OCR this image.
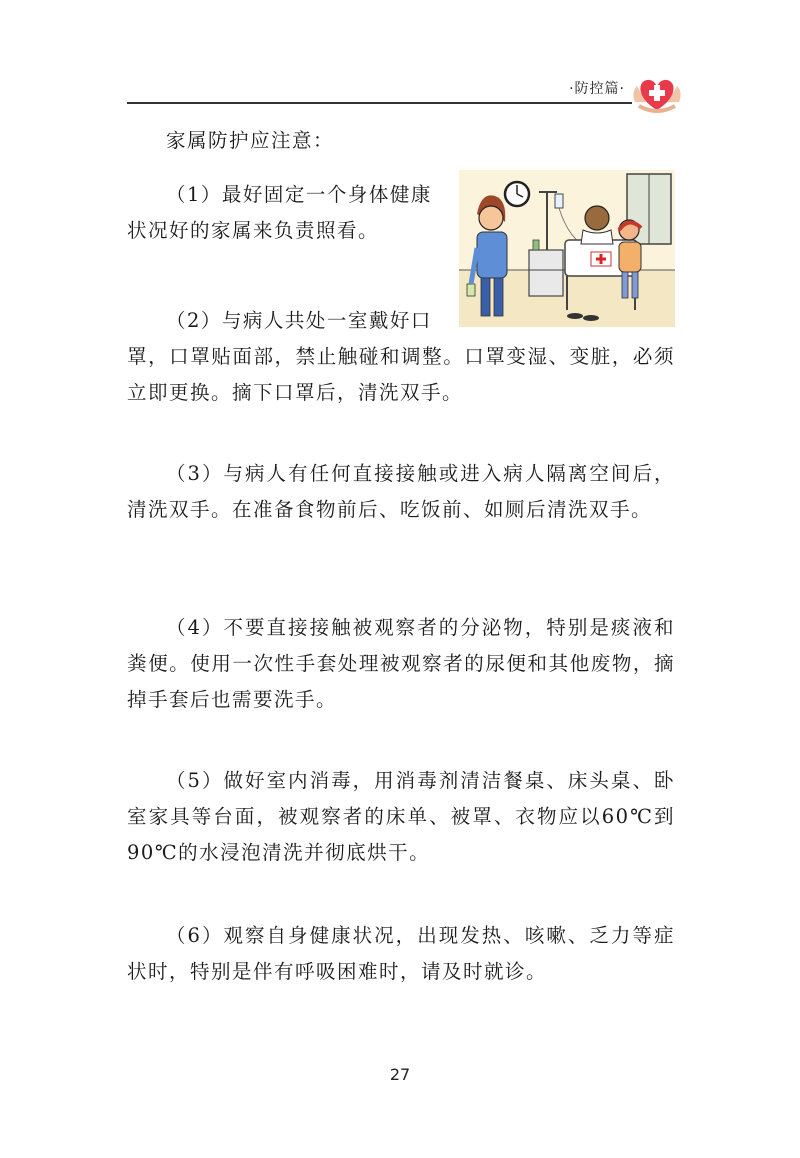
·防控篇·

家属防护应注意：

（1）最好固定一个身体健康

状况好的家属来负责照看。

（2）与病人共处一室戴好口

罩，口罩贴面部，禁止触碰和调整。口罩变湿、变脏，必须立即更换。摘下口罩后，清洗双手。

（3）与病人有任何直接接触或进入病人隔离空间后，清洗双手。在准备食物前后、吃饭前、如厕后清洗双手。

（4）不要直接接触被观察者的分泌物，特别是痰液和粪便。使用一次性手套处理被观察者的尿便和其他废物，摘掉手套后也需要洗手。

（5）做好室内消毒，用消毒剂清洁餐桌、床头桌、卧室家具等台面，被观察者的床单、被罩、衣物应以60℃到90℃的水浸泡清洗并彻底烘干。

（6）观察自身健康状况，出现发热、咳嗽、乏力等症状时，特别是伴有呼吸困难时，请及时就诊。

27
